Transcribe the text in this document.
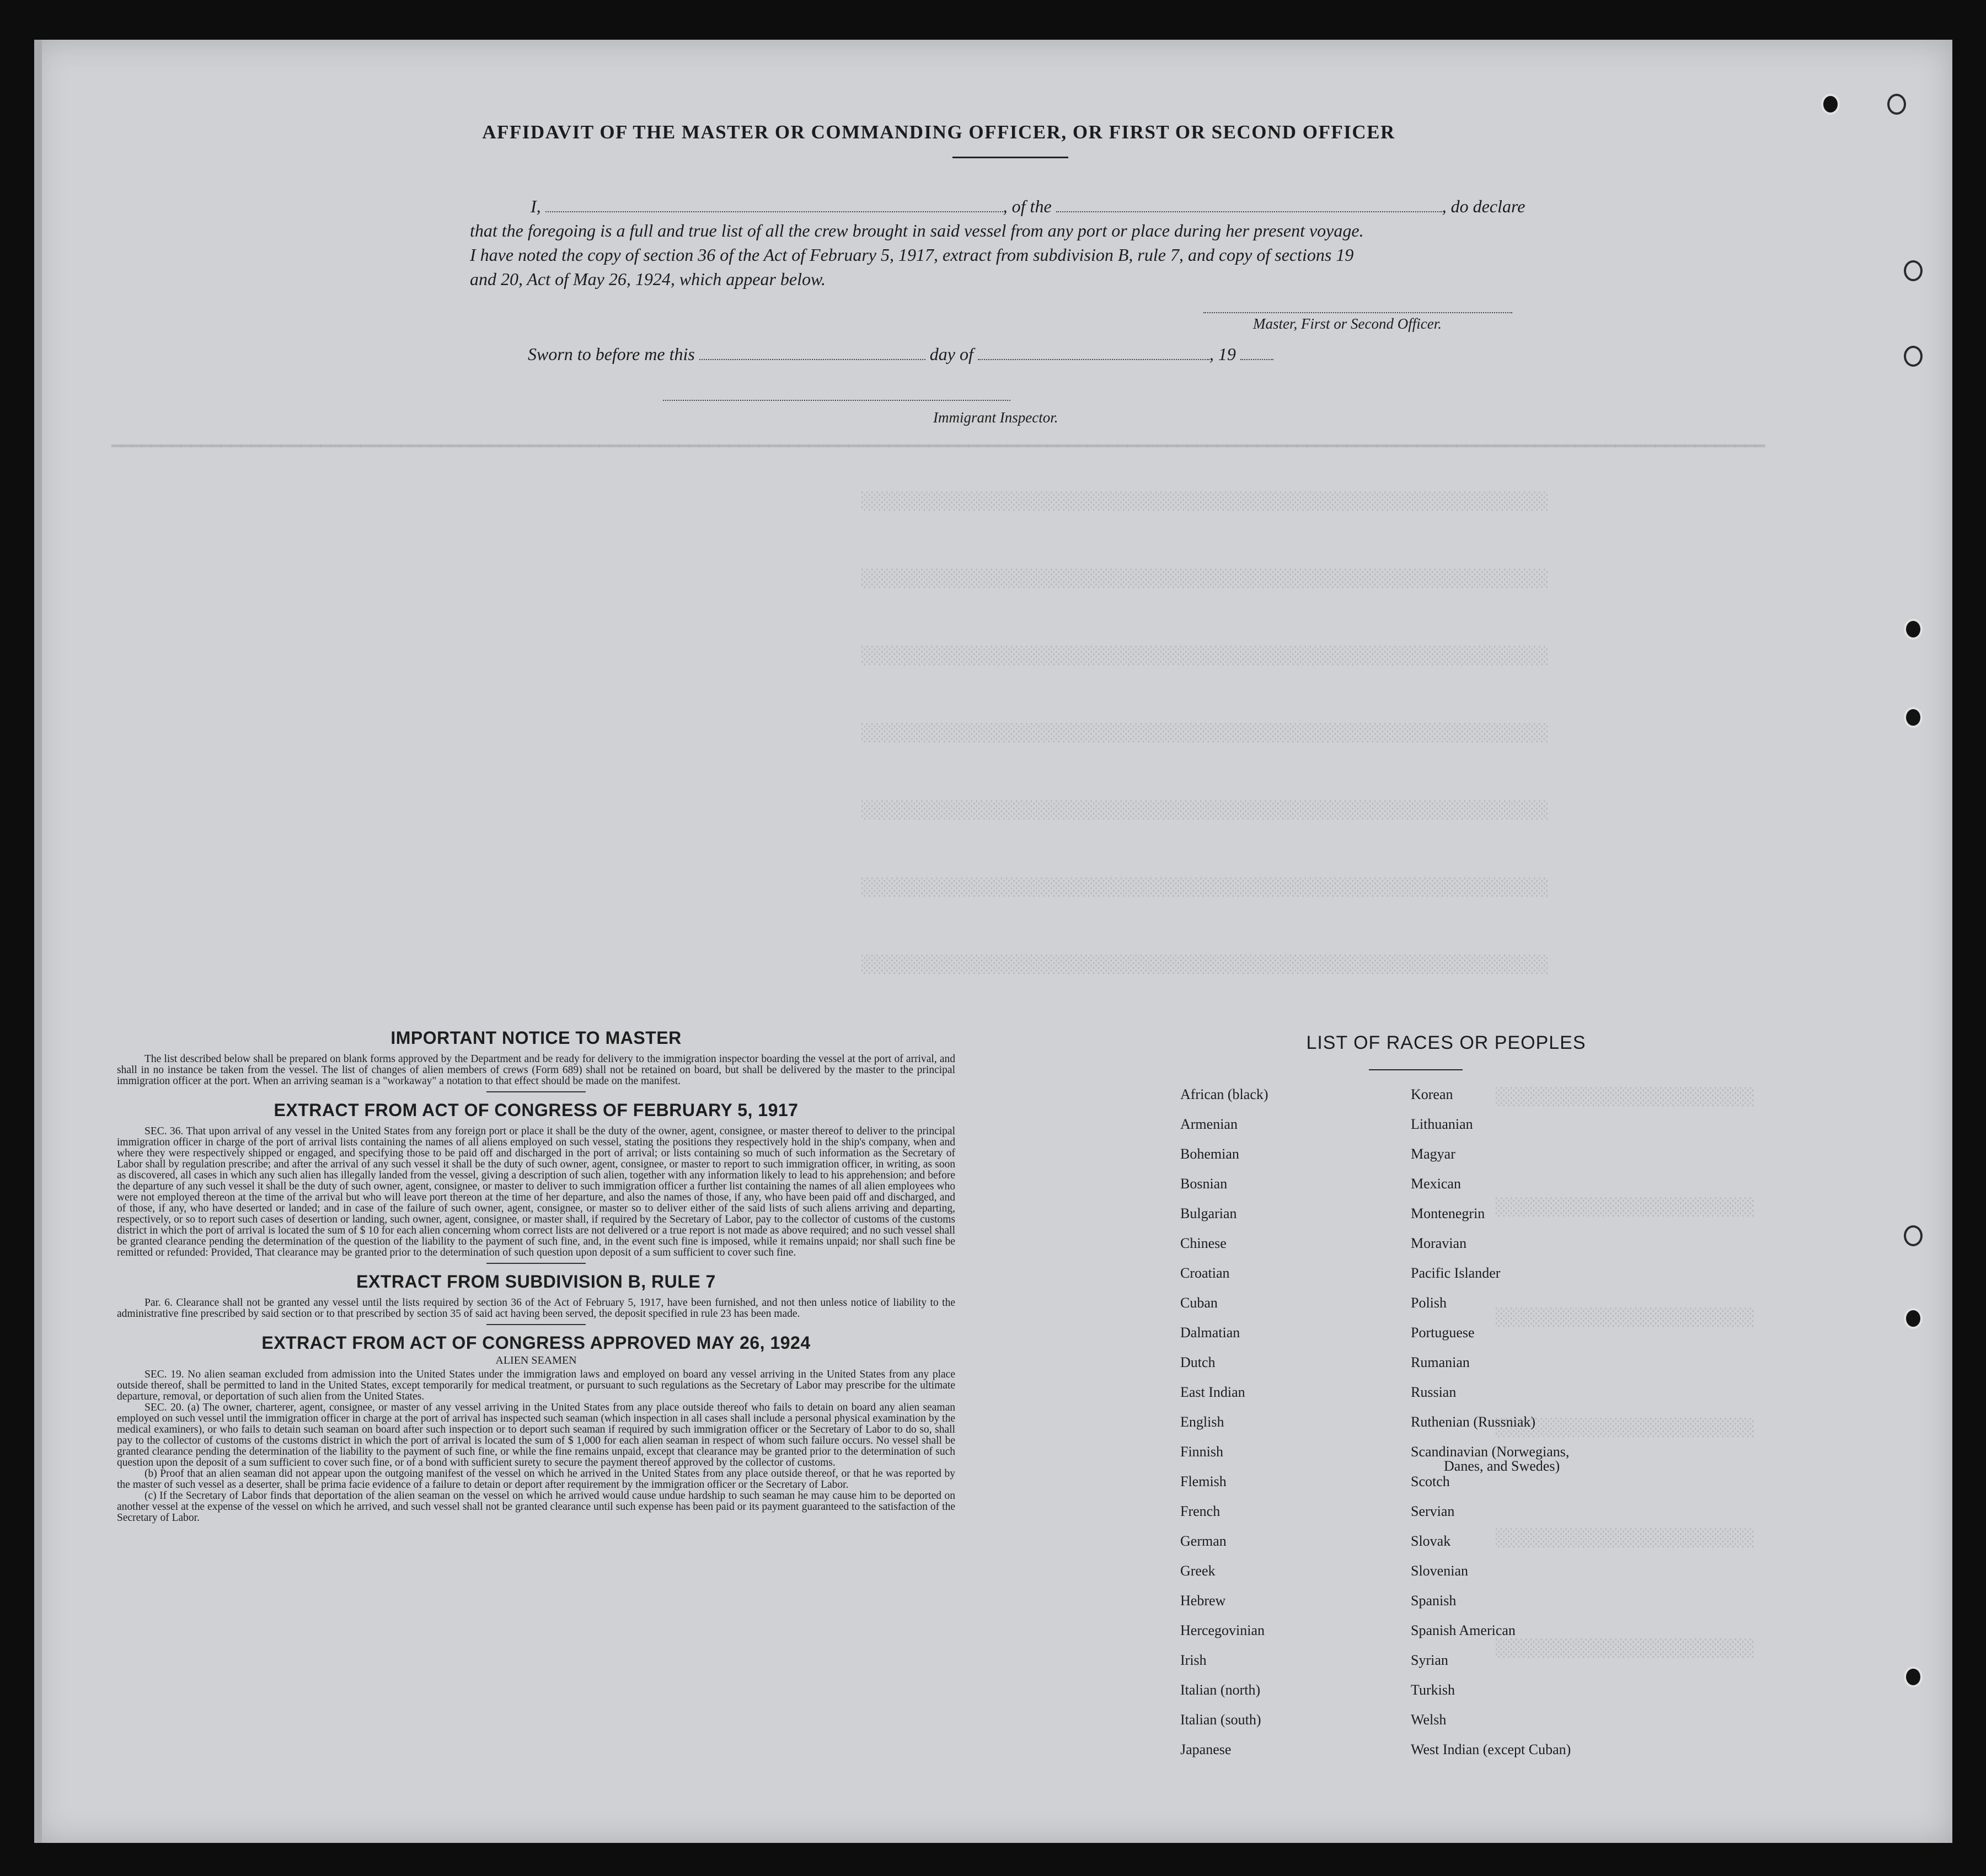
━━━━━━━━━━━━━━━━━━━━━━━━━━━━━━━━━━━━━━━━━━━━━━━━━━━━━━━━━━━━━━━━━━━━━━━━━━━━━━━━━━━━━━━━━━━━━━━━━━━━━━━━━━━━━━━━━━━━━━━━━━━━━━━━━━━━━━━━━━━━━━━━━━━━━━━━━━━━━━━━━━━━━━
░░░░░░░░░░░░░░░░░░░░░░░░░░░░░░░░░░░░░░░░░░░░░░░░░░░░░░░░░░░░░░░░░░░░░
░░░░░░░░░░░░░░░░░░░░░░░░░░░░░░░░░░░░░░░░░░░░░░░░░░░░░░░░░░░░░░░░░░░░░
░░░░░░░░░░░░░░░░░░░░░░░░░░░░░░░░░░░░░░░░░░░░░░░░░░░░░░░░░░░░░░░░░░░░░
░░░░░░░░░░░░░░░░░░░░░░░░░░░░░░░░░░░░░░░░░░░░░░░░░░░░░░░░░░░░░░░░░░░░░
░░░░░░░░░░░░░░░░░░░░░░░░░░░░░░░░░░░░░░░░░░░░░░░░░░░░░░░░░░░░░░░░░░░░░
░░░░░░░░░░░░░░░░░░░░░░░░░░░░░░░░░░░░░░░░░░░░░░░░░░░░░░░░░░░░░░░░░░░░░
░░░░░░░░░░░░░░░░░░░░░░░░░░░░░░░░░░░░░░░░░░░░░░░░░░░░░░░░░░░░░░░░░░░░░
░░░░░░░░░░░░░░░░░░░░░░░░░░
░░░░░░░░░░░░░░░░░░░░░░░░░░
░░░░░░░░░░░░░░░░░░░░░░░░░░
░░░░░░░░░░░░░░░░░░░░░░░░░░
░░░░░░░░░░░░░░░░░░░░░░░░░░
░░░░░░░░░░░░░░░░░░░░░░░░░░
AFFIDAVIT OF THE MASTER OR COMMANDING OFFICER, OR FIRST OR SECOND OFFICER
I,	, of the	, do declare
that the foregoing is a full and true list of all the crew brought in said vessel from any port or place during her present voyage.
I have noted the copy of section 36 of the Act of February 5, 1917, extract from subdivision B, rule 7, and copy of sections 19
and 20, Act of May 26, 1924, which appear below.
Master, First or Second Officer.
Sworn to before me this	day of	, 19
Immigrant Inspector.
IMPORTANT NOTICE TO MASTER

The list described below shall be prepared on blank forms approved by the Department and be ready for delivery to the immigration inspector boarding the vessel at the port of arrival, and shall in no instance be taken from the vessel. The list of changes of alien members of crews (Form 689) shall not be retained on board, but shall be delivered by the master to the principal immigration officer at the port. When an arriving seaman is a "workaway" a notation to that effect should be made on the manifest.

EXTRACT FROM ACT OF CONGRESS OF FEBRUARY 5, 1917

SEC. 36. That upon arrival of any vessel in the United States from any foreign port or place it shall be the duty of the owner, agent, consignee, or master thereof to deliver to the principal immigration officer in charge of the port of arrival lists containing the names of all aliens employed on such vessel, stating the positions they respectively hold in the ship's company, when and where they were respectively shipped or engaged, and specifying those to be paid off and discharged in the port of arrival; or lists containing so much of such information as the Secretary of Labor shall by regulation prescribe; and after the arrival of any such vessel it shall be the duty of such owner, agent, consignee, or master to report to such immigration officer, in writing, as soon as discovered, all cases in which any such alien has illegally landed from the vessel, giving a description of such alien, together with any information likely to lead to his apprehension; and before the departure of any such vessel it shall be the duty of such owner, agent, consignee, or master to deliver to such immigration officer a further list containing the names of all alien employees who were not employed thereon at the time of the arrival but who will leave port thereon at the time of her departure, and also the names of those, if any, who have been paid off and discharged, and of those, if any, who have deserted or landed; and in case of the failure of such owner, agent, consignee, or master so to deliver either of the said lists of such aliens arriving and departing, respectively, or so to report such cases of desertion or landing, such owner, agent, consignee, or master shall, if required by the Secretary of Labor, pay to the collector of customs of the customs district in which the port of arrival is located the sum of $ 10 for each alien concerning whom correct lists are not delivered or a true report is not made as above required; and no such vessel shall be granted clearance pending the determination of the question of the liability to the payment of such fine, and, in the event such fine is imposed, while it remains unpaid; nor shall such fine be remitted or refunded: Provided, That clearance may be granted prior to the determination of such question upon deposit of a sum sufficient to cover such fine.

EXTRACT FROM SUBDIVISION B, RULE 7

Par. 6. Clearance shall not be granted any vessel until the lists required by section 36 of the Act of February 5, 1917, have been furnished, and not then unless notice of liability to the administrative fine prescribed by said section or to that prescribed by section 35 of said act having been served, the deposit specified in rule 23 has been made.

EXTRACT FROM ACT OF CONGRESS APPROVED MAY 26, 1924
ALIEN SEAMEN

SEC. 19. No alien seaman excluded from admission into the United States under the immigration laws and employed on board any vessel arriving in the United States from any place outside thereof, shall be permitted to land in the United States, except temporarily for medical treatment, or pursuant to such regulations as the Secretary of Labor may prescribe for the ultimate departure, removal, or deportation of such alien from the United States.

SEC. 20. (a) The owner, charterer, agent, consignee, or master of any vessel arriving in the United States from any place outside thereof who fails to detain on board any alien seaman employed on such vessel until the immigration officer in charge at the port of arrival has inspected such seaman (which inspection in all cases shall include a personal physical examination by the medical examiners), or who fails to detain such seaman on board after such inspection or to deport such seaman if required by such immigration officer or the Secretary of Labor to do so, shall pay to the collector of customs of the customs district in which the port of arrival is located the sum of $ 1,000 for each alien seaman in respect of whom such failure occurs. No vessel shall be granted clearance pending the determination of the liability to the payment of such fine, or while the fine remains unpaid, except that clearance may be granted prior to the determination of such question upon the deposit of a sum sufficient to cover such fine, or of a bond with sufficient surety to secure the payment thereof approved by the collector of customs.

(b) Proof that an alien seaman did not appear upon the outgoing manifest of the vessel on which he arrived in the United States from any place outside thereof, or that he was reported by the master of such vessel as a deserter, shall be prima facie evidence of a failure to detain or deport after requirement by the immigration officer or the Secretary of Labor.

(c) If the Secretary of Labor finds that deportation of the alien seaman on the vessel on which he arrived would cause undue hardship to such seaman he may cause him to be deported on another vessel at the expense of the vessel on which he arrived, and such vessel shall not be granted clearance until such expense has been paid or its payment guaranteed to the satisfaction of the Secretary of Labor.

LIST OF RACES OR PEOPLES
African (black)
Armenian
Bohemian
Bosnian
Bulgarian
Chinese
Croatian
Cuban
Dalmatian
Dutch
East Indian
English
Finnish
Flemish
French
German
Greek
Hebrew
Hercegovinian
Irish
Italian (north)
Italian (south)
Japanese
Korean
Lithuanian
Magyar
Mexican
Montenegrin
Moravian
Pacific Islander
Polish
Portuguese
Rumanian
Russian
Ruthenian (Russniak)
Scandinavian (Norwegians,
Danes, and Swedes)
Scotch
Servian
Slovak
Slovenian
Spanish
Spanish American
Syrian
Turkish
Welsh
West Indian (except Cuban)
